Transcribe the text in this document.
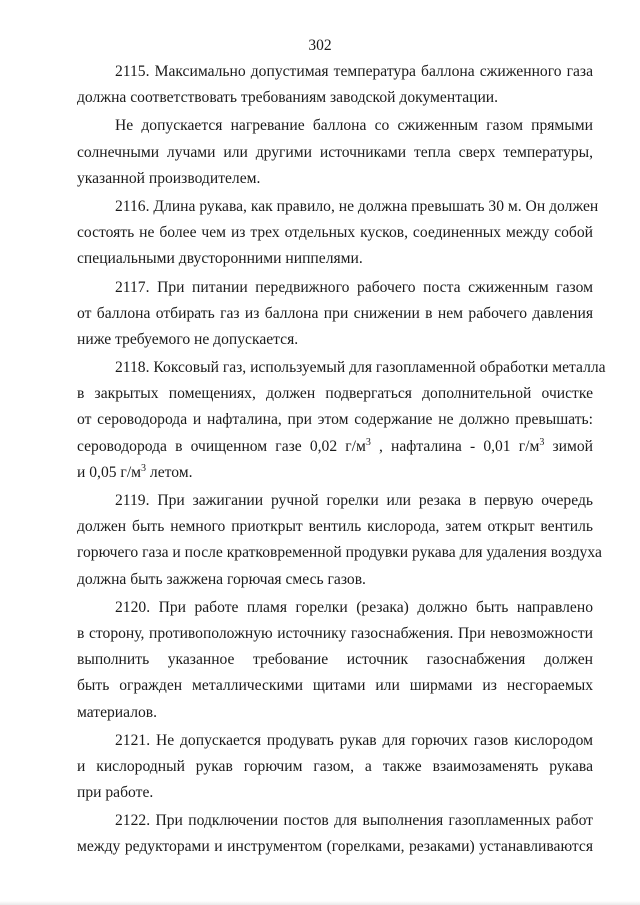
302
2115. Максимально допустимая температура баллона сжиженного газа
должна соответствовать требованиям заводской документации.
Не допускается нагревание баллона со сжиженным газом прямыми
солнечными лучами или другими источниками тепла сверх температуры,
указанной производителем.
2116. Длина рукава, как правило, не должна превышать 30 м. Он должен
состоять не более чем из трех отдельных кусков, соединенных между собой
специальными двусторонними ниппелями.
2117. При питании передвижного рабочего поста сжиженным газом
от баллона отбирать газ из баллона при снижении в нем рабочего давления
ниже требуемого не допускается.
2118. Коксовый газ, используемый для газопламенной обработки металла
в закрытых помещениях, должен подвергаться дополнительной очистке
от сероводорода и нафталина, при этом содержание не должно превышать:
сероводорода в очищенном газе 0,02 $г/м^3$ , нафталина - 0,01 $г/м^3$ зимой
и 0,05 $г/м^3$ летом.
2119. При зажигании ручной горелки или резака в первую очередь
должен быть немного приоткрыт вентиль кислорода, затем открыт вентиль
горючего газа и после кратковременной продувки рукава для удаления воздуха
должна быть зажжена горючая смесь газов.
2120. При работе пламя горелки (резака) должно быть направлено
в сторону, противоположную источнику газоснабжения. При невозможности
выполнить указанное требование источник газоснабжения должен
быть огражден металлическими щитами или ширмами из несгораемых
материалов.
2121. Не допускается продувать рукав для горючих газов кислородом
и кислородный рукав горючим газом, а также взаимозаменять рукава
при работе.
2122. При подключении постов для выполнения газопламенных работ
между редукторами и инструментом (горелками, резаками) устанавливаются
